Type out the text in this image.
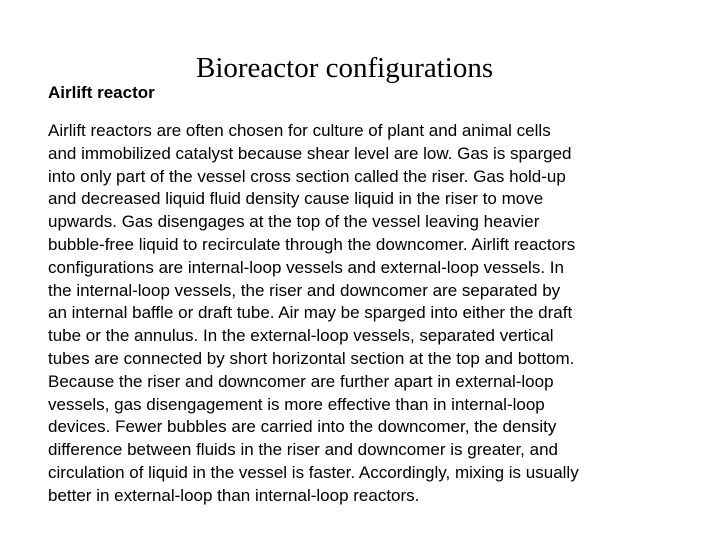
Bioreactor configurations
Airlift reactor
Airlift reactors are often chosen for culture of plant and animal cells
and immobilized catalyst because shear level are low. Gas is sparged
into only part of the vessel cross section called the riser. Gas hold-up
and decreased liquid fluid density cause liquid in the riser to move
upwards. Gas disengages at the top of the vessel leaving heavier
bubble-free liquid to recirculate through the downcomer. Airlift reactors
configurations are internal-loop vessels and external-loop vessels. In
the internal-loop vessels, the riser and downcomer are separated by
an internal baffle or draft tube. Air may be sparged into either the draft
tube or the annulus. In the external-loop vessels, separated vertical
tubes are connected by short horizontal section at the top and bottom.
Because the riser and downcomer are further apart in external-loop
vessels, gas disengagement is more effective than in internal-loop
devices. Fewer bubbles are carried into the downcomer, the density
difference between fluids in the riser and downcomer is greater, and
circulation of liquid in the vessel is faster. Accordingly, mixing is usually
better in external-loop than internal-loop reactors.
